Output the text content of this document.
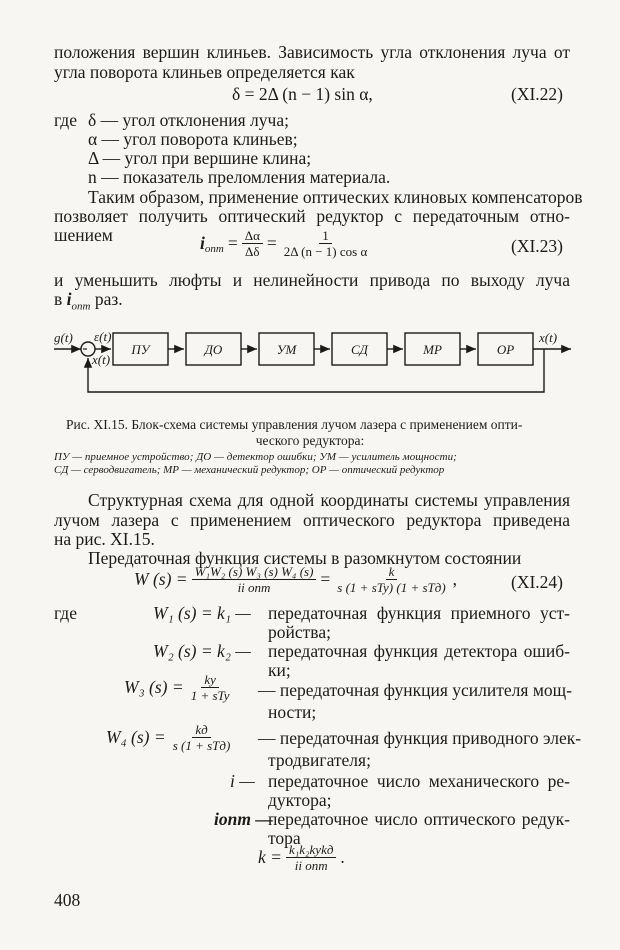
положения вершин клиньев. Зависимость угла отклонения луча от
угла поворота клиньев определяется как
δ = 2Δ (n − 1) sin α,	(XI.22)
где δ — угол отклонения луча;
α — угол поворота клиньев;
Δ — угол при вершине клина;
n — показатель преломления материала.
Таким образом, применение оптических клиновых компенсаторов
позволяет получить оптический редуктор с передаточным отно-
шением	$i_{опт} = \frac{\Delta\alpha}{\Delta\delta} = \frac{1}{\text{2Δ (n − 1) cos α}}$	(XI.23)
и уменьшить люфты и нелинейности привода по выходу луча
в $i_{опт}$ раз.
g(t) ε(t)
x(t)
x(t)
ПУ	ДО	УМ	СД	МР	ОР
Рис. XI.15. Блок-схема системы управления лучом лазера с применением опти-
ческого редуктора:
ПУ — приемное устройство; ДО — детектор ошибки; УМ — усилитель мощности;
СД — серводвигатель; МР — механический редуктор; ОР — оптический редуктор
Структурная схема для одной координаты системы управления
лучом лазера с применением оптического редуктора приведена
на рис. XI.15.
Передаточная функция системы в разомкнутом состоянии
W $(s) = \frac{\text{W₁W₂ (s) W₃ (s) W₄ (s)}}{\text{ii опт}} = \frac{k}{\text{s (1 + sTy) (1 + sTд)}}$ ,	(XI.24)
где	W₁ (s) = k₁ — передаточная функция приемного уст-
ройства;
W₂ (s) = k₂ — передаточная функция детектора ошиб-
ки;
W₃ $(s) = \frac{ky}{\text{1 + sTy}}$ — передаточная функция усилителя мощ-
ности;
W₄ $(s) = \frac{kд}{\text{s (1 + sTд)}}$ — передаточная функция приводного элек-
тродвигателя;
i — передаточное число механического ре-
дуктора;
iопт —
передаточное число оптического редук-
тора
$k = \frac{\text{k₁k₂kykд}}{\text{ii опт}}$ .
408
